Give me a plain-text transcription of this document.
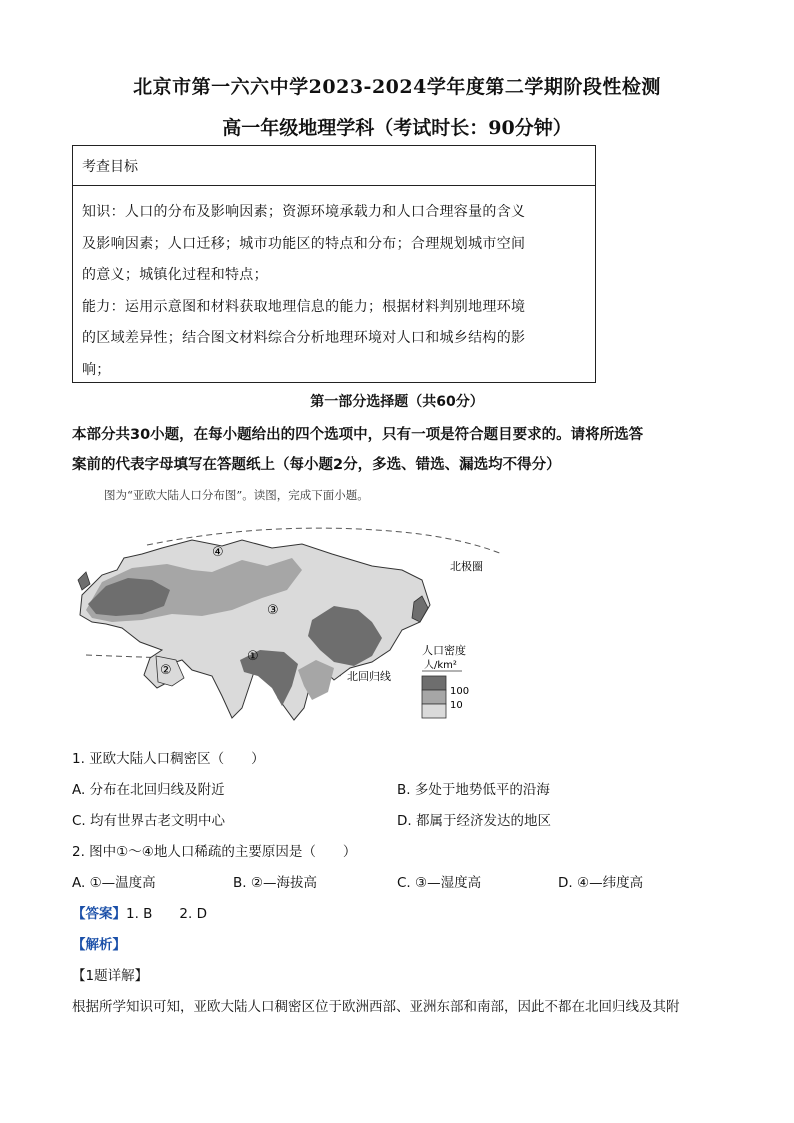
北京市第一六六中学2023-2024学年度第二学期阶段性检测
高一年级地理学科（考试时长：90分钟）
考查目标
知识：人口的分布及影响因素；资源环境承载力和人口合理容量的含义
及影响因素；人口迁移；城市功能区的特点和分布；合理规划城市空间
的意义；城镇化过程和特点；
能力：运用示意图和材料获取地理信息的能力；根据材料判别地理环境
的区域差异性；结合图文材料综合分析地理环境对人口和城乡结构的影
响；
第一部分选择题（共60分）
本部分共30小题，在每小题给出的四个选项中，只有一项是符合题目要求的。请将所选答
案前的代表字母填写在答题纸上（每小题2分，多选、错选、漏选均不得分）
图为“亚欧大陆人口分布图”。读图，完成下面小题。
①
②
③
④
北极圈
北回归线
人口密度
人/km²
100
10
1. 亚欧大陆人口稠密区（　　）
A. 分布在北回归线及附近	B. 多处于地势低平的沿海
C. 均有世界古老文明中心	D. 都属于经济发达的地区
2. 图中①～④地人口稀疏的主要原因是（　　）
A. ①—温度高	B. ②—海拔高	C. ③—湿度高	D. ④—纬度高
【答案】1. B　　2. D
【解析】
【1题详解】
根据所学知识可知，亚欧大陆人口稠密区位于欧洲西部、亚洲东部和南部，因此不都在北回归线及其附
